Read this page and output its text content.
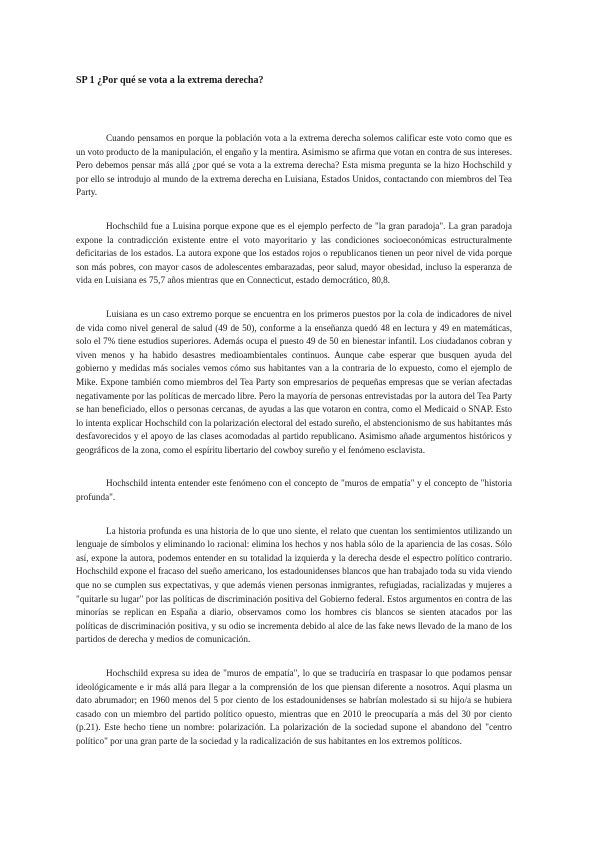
SP 1 ¿Por qué se vota a la extrema derecha?

Cuando pensamos en porque la población vota a la extrema derecha solemos calificar este voto como que es un voto producto de la manipulación, el engaño y la mentira. Asimismo se afirma que votan en contra de sus intereses. Pero debemos pensar más allá ¿por qué se vota a la extrema derecha? Esta misma pregunta se la hizo Hochschild y por ello se introdujo al mundo de la extrema derecha en Luisiana, Estados Unidos, contactando con miembros del Tea Party.

Hochschild fue a Luisina porque expone que es el ejemplo perfecto de "la gran paradoja". La gran paradoja expone la contradicción existente entre el voto mayoritario y las condiciones socioeconómicas estructuralmente deficitarias de los estados. La autora expone que los estados rojos o republicanos tienen un peor nivel de vida porque son más pobres, con mayor casos de adolescentes embarazadas, peor salud, mayor obesidad, incluso la esperanza de vida en Luisiana es 75,7 años mientras que en Connecticut, estado democrático, 80,8.

Luisiana es un caso extremo porque se encuentra en los primeros puestos por la cola de indicadores de nivel de vida como nivel general de salud (49 de 50), conforme a la enseñanza quedó 48 en lectura y 49 en matemáticas, solo el 7% tiene estudios superiores. Además ocupa el puesto 49 de 50 en bienestar infantil. Los ciudadanos cobran y viven menos y ha habido desastres medioambientales continuos. Aunque cabe esperar que busquen ayuda del gobierno y medidas más sociales vemos cómo sus habitantes van a la contraria de lo expuesto, como el ejemplo de Mike. Expone también como miembros del Tea Party son empresarios de pequeñas empresas que se verían afectadas negativamente por las políticas de mercado libre. Pero la mayoría de personas entrevistadas por la autora del Tea Party se han beneficiado, ellos o personas cercanas, de ayudas a las que votaron en contra, como el Medicaid o SNAP. Esto lo intenta explicar Hochschild con la polarización electoral del estado sureño, el abstencionismo de sus habitantes más desfavorecidos y el apoyo de las clases acomodadas al partido republicano. Asimismo añade argumentos históricos y geográficos de la zona, como el espíritu libertario del cowboy sureño y el fenómeno esclavista.

Hochschild intenta entender este fenómeno con el concepto de "muros de empatía" y el concepto de "historia profunda".

La historia profunda es una historia de lo que uno siente, el relato que cuentan los sentimientos utilizando un lenguaje de símbolos y eliminando lo racional: elimina los hechos y nos habla sólo de la apariencia de las cosas. Sólo así, expone la autora, podemos entender en su totalidad la izquierda y la derecha desde el espectro político contrario. Hochschild expone el fracaso del sueño americano, los estadounidenses blancos que han trabajado toda su vida viendo que no se cumplen sus expectativas, y que además vienen personas inmigrantes, refugiadas, racializadas y mujeres a "quitarle su lugar" por las políticas de discriminación positiva del Gobierno federal. Estos argumentos en contra de las minorías se replican en España a diario, observamos como los hombres cis blancos se sienten atacados por las políticas de discriminación positiva, y su odio se incrementa debido al alce de las fake news llevado de la mano de los partidos de derecha y medios de comunicación.

Hochschild expresa su idea de "muros de empatía", lo que se traduciría en traspasar lo que podamos pensar ideológicamente e ir más allá para llegar a la comprensión de los que piensan diferente a nosotros. Aquí plasma un dato abrumador; en 1960 menos del 5 por ciento de los estadounidenses se habrían molestado si su hijo/a se hubiera casado con un miembro del partido político opuesto, mientras que en 2010 le preocuparía a más del 30 por ciento (p.21). Este hecho tiene un nombre: polarización. La polarización de la sociedad supone el abandono del "centro político" por una gran parte de la sociedad y la radicalización de sus habitantes en los extremos políticos.
